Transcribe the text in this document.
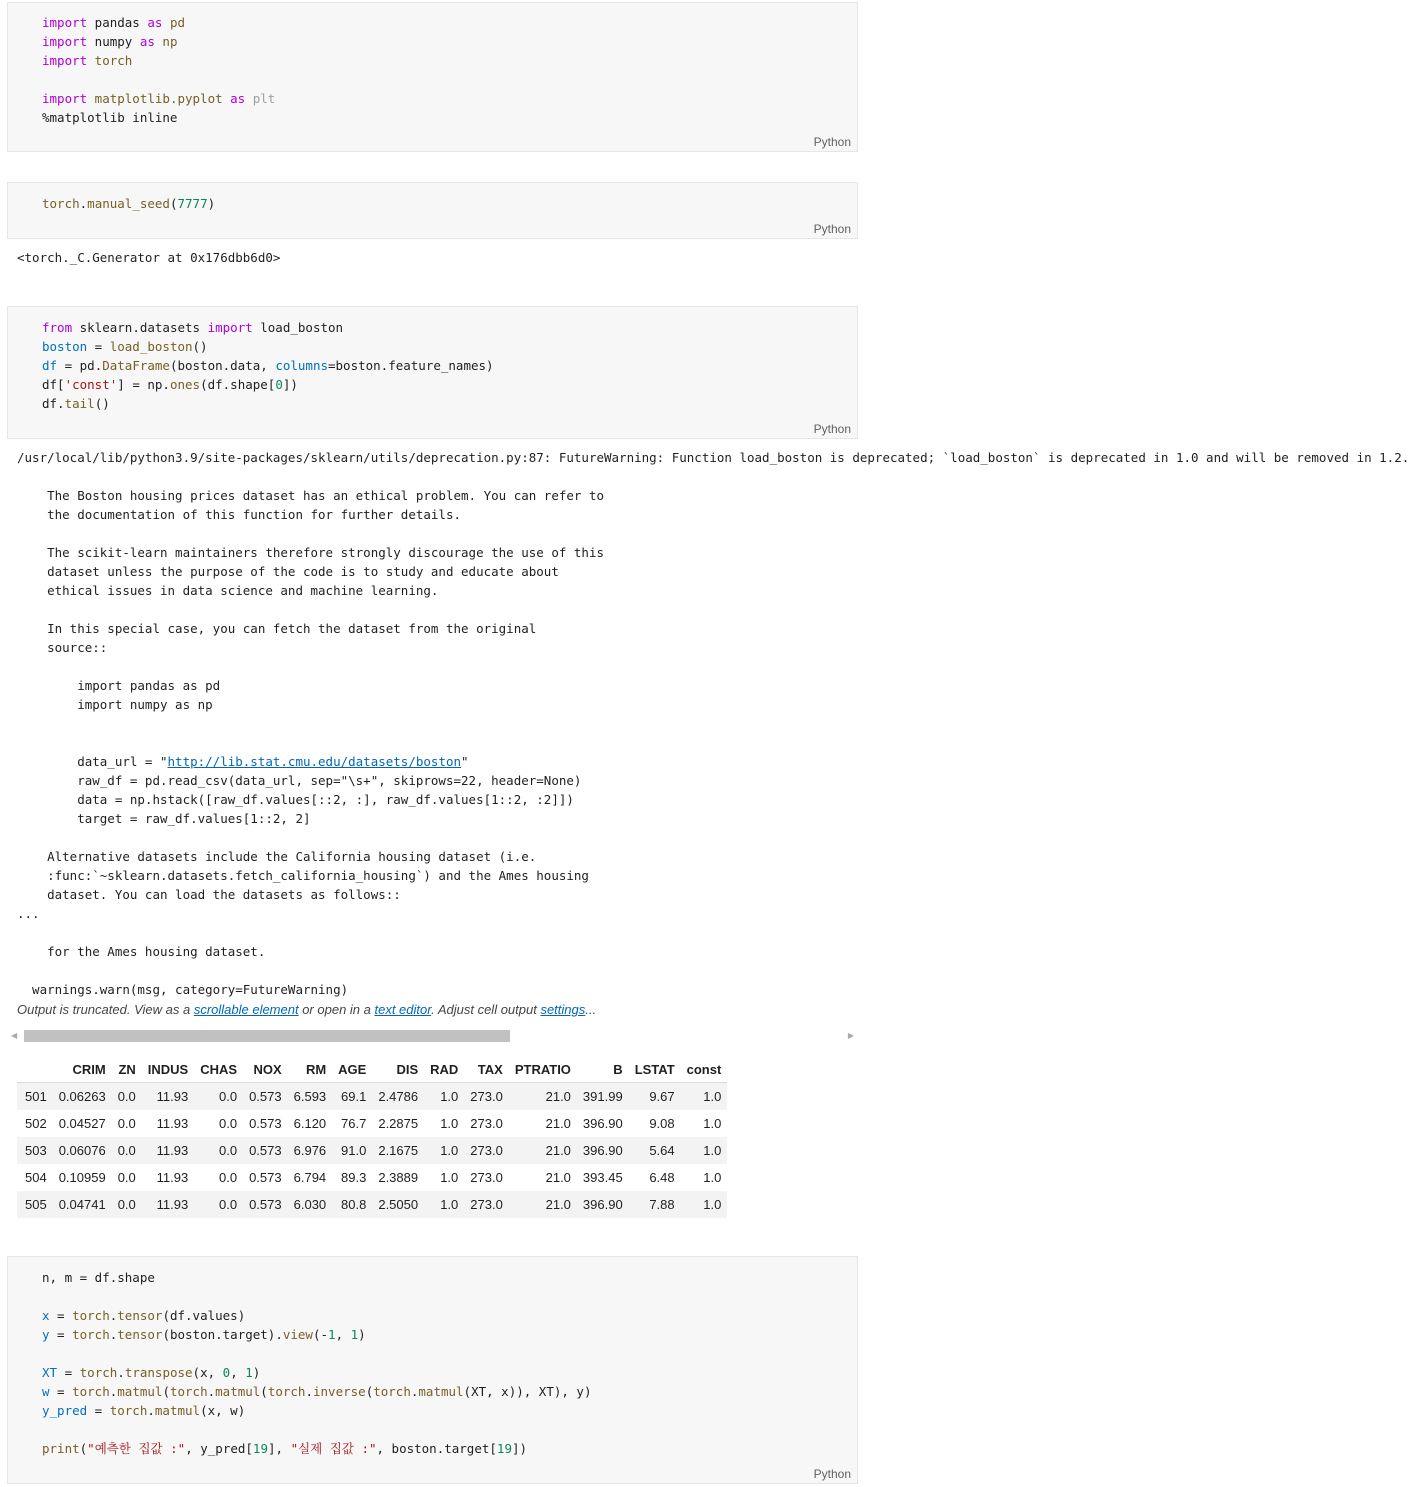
import pandas as pd
import numpy as np
import torch

import matplotlib.pyplot as plt
%matplotlib inline
Python
torch.manual_seed(7777)
Python
<torch._C.Generator at 0x176dbb6d0>
from sklearn.datasets import load_boston
boston = load_boston()
df = pd.DataFrame(boston.data, columns=boston.feature_names)
df['const'] = np.ones(df.shape[0])
df.tail()
Python
/usr/local/lib/python3.9/site-packages/sklearn/utils/deprecation.py:87: FutureWarning: Function load_boston is deprecated; `load_boston` is deprecated in 1.0 and will be removed in 1.2.

The Boston housing prices dataset has an ethical problem. You can refer to
the documentation of this function for further details.

The scikit-learn maintainers therefore strongly discourage the use of this
dataset unless the purpose of the code is to study and educate about
ethical issues in data science and machine learning.

In this special case, you can fetch the dataset from the original
source::

import pandas as pd
import numpy as np

data_url = "http://lib.stat.cmu.edu/datasets/boston"
raw_df = pd.read_csv(data_url, sep="\s+", skiprows=22, header=None)
data = np.hstack([raw_df.values[::2, :], raw_df.values[1::2, :2]])
target = raw_df.values[1::2, 2]

Alternative datasets include the California housing dataset (i.e.
:func:`~sklearn.datasets.fetch_california_housing`) and the Ames housing
dataset. You can load the datasets as follows::
...

for the Ames housing dataset.

warnings.warn(msg, category=FutureWarning)
Output is truncated. View as a scrollable element or open in a text editor. Adjust cell output settings...
◀	▶
	CRIM	ZN	INDUS	CHAS	NOX	RM	AGE	DIS	RAD	TAX	PTRATIO	B	LSTAT	const
501	0.06263	0.0	11.93	0.0	0.573	6.593	69.1	2.4786	1.0	273.0	21.0	391.99	9.67	1.0
502	0.04527	0.0	11.93	0.0	0.573	6.120	76.7	2.2875	1.0	273.0	21.0	396.90	9.08	1.0
503	0.06076	0.0	11.93	0.0	0.573	6.976	91.0	2.1675	1.0	273.0	21.0	396.90	5.64	1.0
504	0.10959	0.0	11.93	0.0	0.573	6.794	89.3	2.3889	1.0	273.0	21.0	393.45	6.48	1.0
505	0.04741	0.0	11.93	0.0	0.573	6.030	80.8	2.5050	1.0	273.0	21.0	396.90	7.88	1.0
n, m = df.shape

x = torch.tensor(df.values)
y = torch.tensor(boston.target).view(-1, 1)

XT = torch.transpose(x, 0, 1)
w = torch.matmul(torch.matmul(torch.inverse(torch.matmul(XT, x)), XT), y)
y_pred = torch.matmul(x, w)

print("예측한 집값 :", y_pred[19], "실제 집값 :", boston.target[19])
Python
